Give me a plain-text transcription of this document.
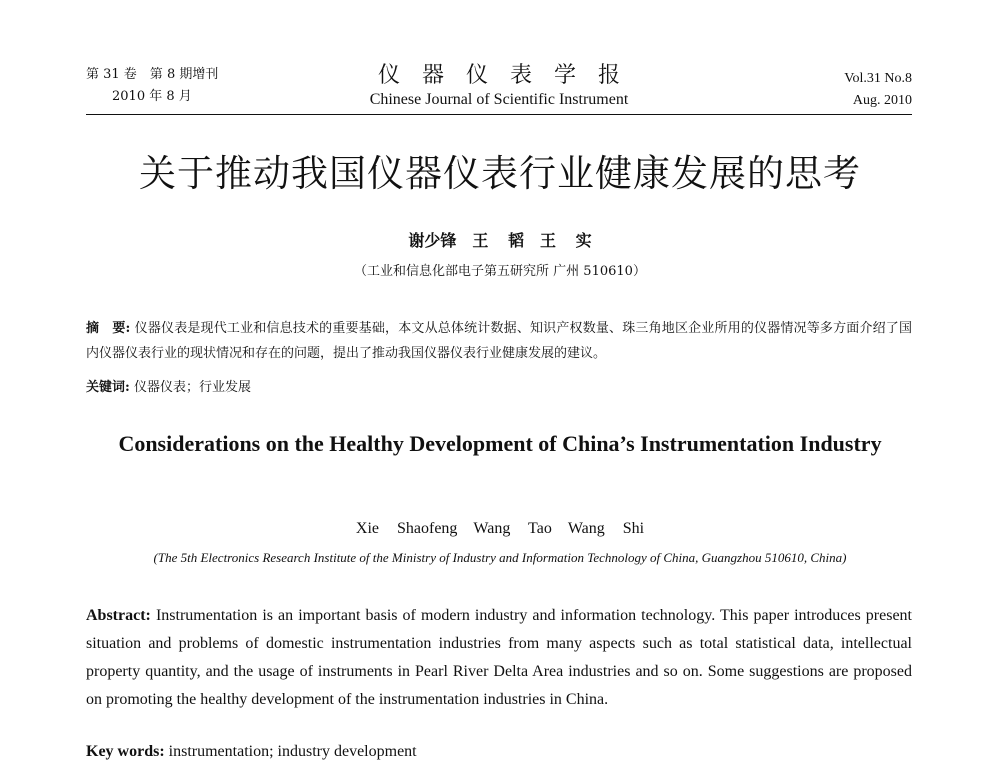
第 31 卷　第 8 期增刊
2010 年 8 月
仪器仪表学报
Chinese Journal of Scientific Instrument
Vol.31 No.8
Aug. 2010
关于推动我国仪器仪表行业健康发展的思考
谢少锋　王 韬　王 实
（工业和信息化部电子第五研究所 广州 510610）
摘　要: 仪器仪表是现代工业和信息技术的重要基础，本文从总体统计数据、知识产权数量、珠三角地区企业所用的仪器情况等多方面介绍了国内仪器仪表行业的现状情况和存在的问题，提出了推动我国仪器仪表行业健康发展的建议。
关键词: 仪器仪表；行业发展
Considerations on the Healthy Development of China’s Instrumentation Industry
Xie Shaofeng　Wang Tao　Wang Shi
(The 5th Electronics Research Institute of the Ministry of Industry and Information Technology of China, Guangzhou 510610, China)
Abstract: Instrumentation is an important basis of modern industry and information technology. This paper introduces present situation and problems of domestic instrumentation industries from many aspects such as total statistical data, intellectual property quantity, and the usage of instruments in Pearl River Delta Area industries and so on. Some suggestions are proposed on promoting the healthy development of the instrumentation industries in China.
Key words: instrumentation; industry development
